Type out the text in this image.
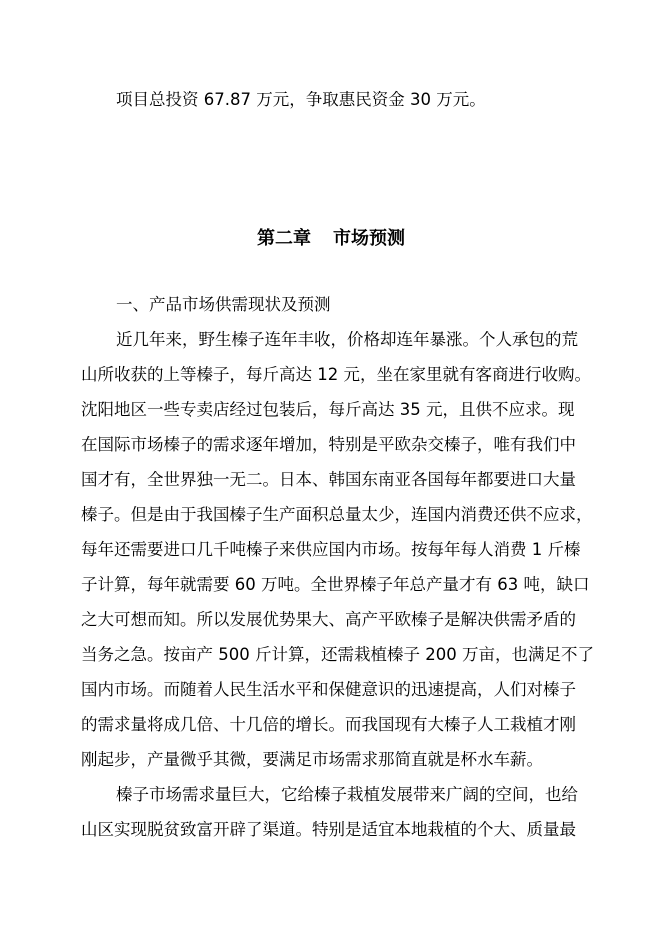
项目总投资 67.87 万元，争取惠民资金 30 万元。
第二章 市场预测
一、产品市场供需现状及预测
近几年来，野生榛子连年丰收，价格却连年暴涨。个人承包的荒
山所收获的上等榛子，每斤高达 12 元，坐在家里就有客商进行收购。
沈阳地区一些专卖店经过包装后，每斤高达 35 元，且供不应求。现
在国际市场榛子的需求逐年增加，特别是平欧杂交榛子，唯有我们中
国才有，全世界独一无二。日本、韩国东南亚各国每年都要进口大量
榛子。但是由于我国榛子生产面积总量太少，连国内消费还供不应求，
每年还需要进口几千吨榛子来供应国内市场。按每年每人消费 1 斤榛
子计算，每年就需要 60 万吨。全世界榛子年总产量才有 63 吨，缺口
之大可想而知。所以发展优势果大、高产平欧榛子是解决供需矛盾的
当务之急。按亩产 500 斤计算，还需栽植榛子 200 万亩，也满足不了
国内市场。而随着人民生活水平和保健意识的迅速提高，人们对榛子
的需求量将成几倍、十几倍的增长。而我国现有大榛子人工栽植才刚
刚起步，产量微乎其微，要满足市场需求那简直就是杯水车薪。
榛子市场需求量巨大，它给榛子栽植发展带来广阔的空间，也给
山区实现脱贫致富开辟了渠道。特别是适宜本地栽植的个大、质量最
